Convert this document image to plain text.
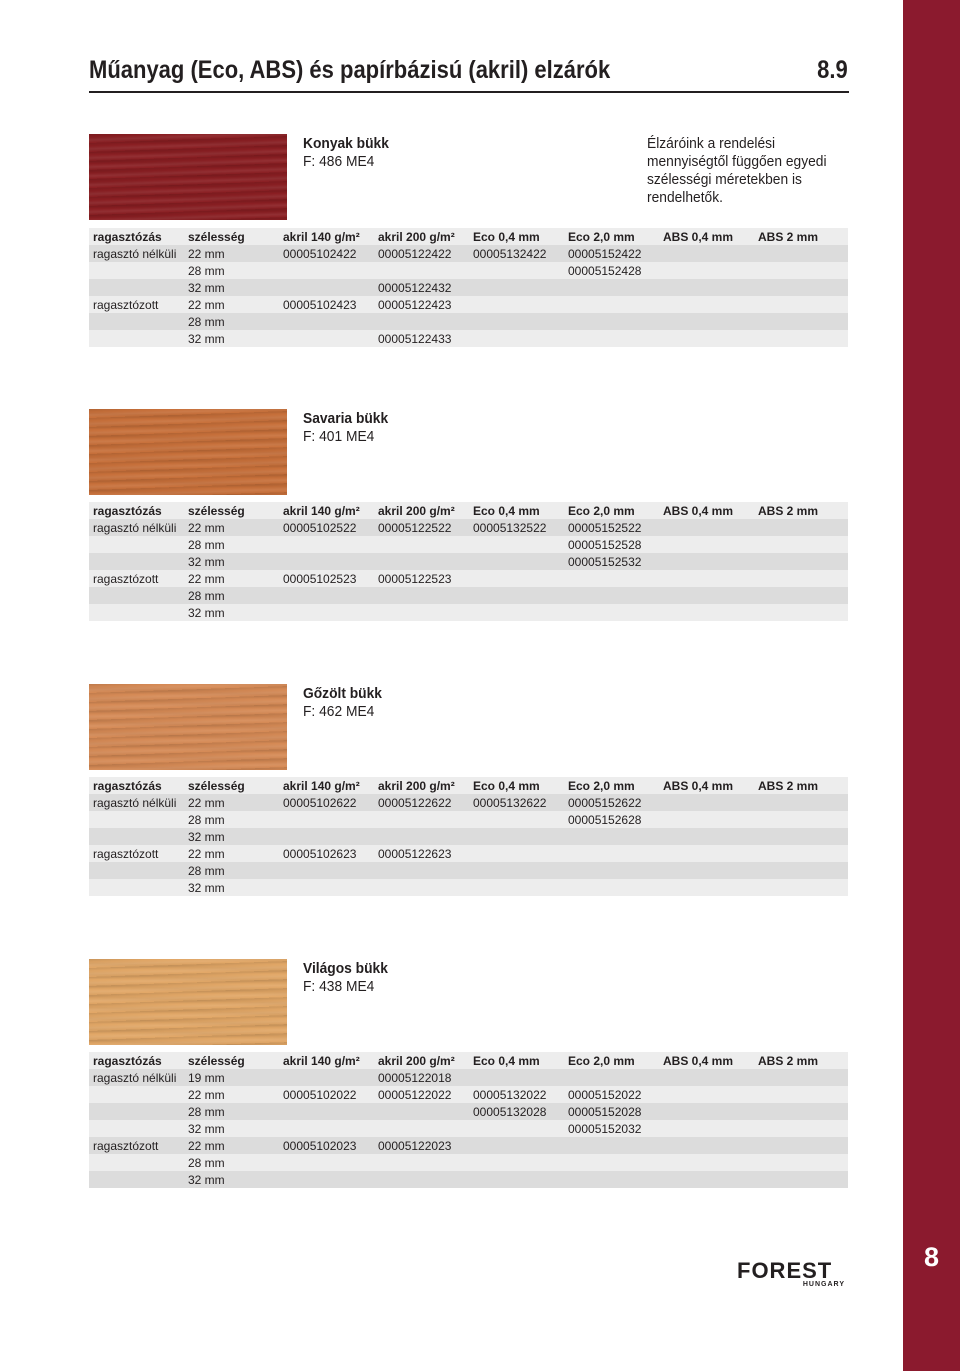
8
Műanyag (Eco, ABS) és papírbázisú (akril) elzárók	8.9
Élzáróink a rendelési mennyiségtől függően egyedi szélességi méretekben is rendelhetők.
Konyak bükk
F: 486 ME4
ragasztózás	szélesség	akril 140 g/m²	akril 200 g/m²	Eco 0,4 mm	Eco 2,0 mm	ABS 0,4 mm	ABS 2 mm
ragasztó nélküli	22 mm	00005102422	00005122422	00005132422	00005152422		
	28 mm				00005152428		
	32 mm		00005122432				
ragasztózott	22 mm	00005102423	00005122423				
	28 mm						
	32 mm		00005122433				
Savaria bükk
F: 401 ME4
ragasztózás	szélesség	akril 140 g/m²	akril 200 g/m²	Eco 0,4 mm	Eco 2,0 mm	ABS 0,4 mm	ABS 2 mm
ragasztó nélküli	22 mm	00005102522	00005122522	00005132522	00005152522		
	28 mm				00005152528		
	32 mm				00005152532		
ragasztózott	22 mm	00005102523	00005122523				
	28 mm						
	32 mm						
Gőzölt bükk
F: 462 ME4
ragasztózás	szélesség	akril 140 g/m²	akril 200 g/m²	Eco 0,4 mm	Eco 2,0 mm	ABS 0,4 mm	ABS 2 mm
ragasztó nélküli	22 mm	00005102622	00005122622	00005132622	00005152622		
	28 mm				00005152628		
	32 mm						
ragasztózott	22 mm	00005102623	00005122623				
	28 mm						
	32 mm						
Világos bükk
F: 438 ME4
ragasztózás	szélesség	akril 140 g/m²	akril 200 g/m²	Eco 0,4 mm	Eco 2,0 mm	ABS 0,4 mm	ABS 2 mm
ragasztó nélküli	19 mm		00005122018				
	22 mm	00005102022	00005122022	00005132022	00005152022		
	28 mm			00005132028	00005152028		
	32 mm				00005152032		
ragasztózott	22 mm	00005102023	00005122023				
	28 mm						
	32 mm						
FOREST
HUNGARY
